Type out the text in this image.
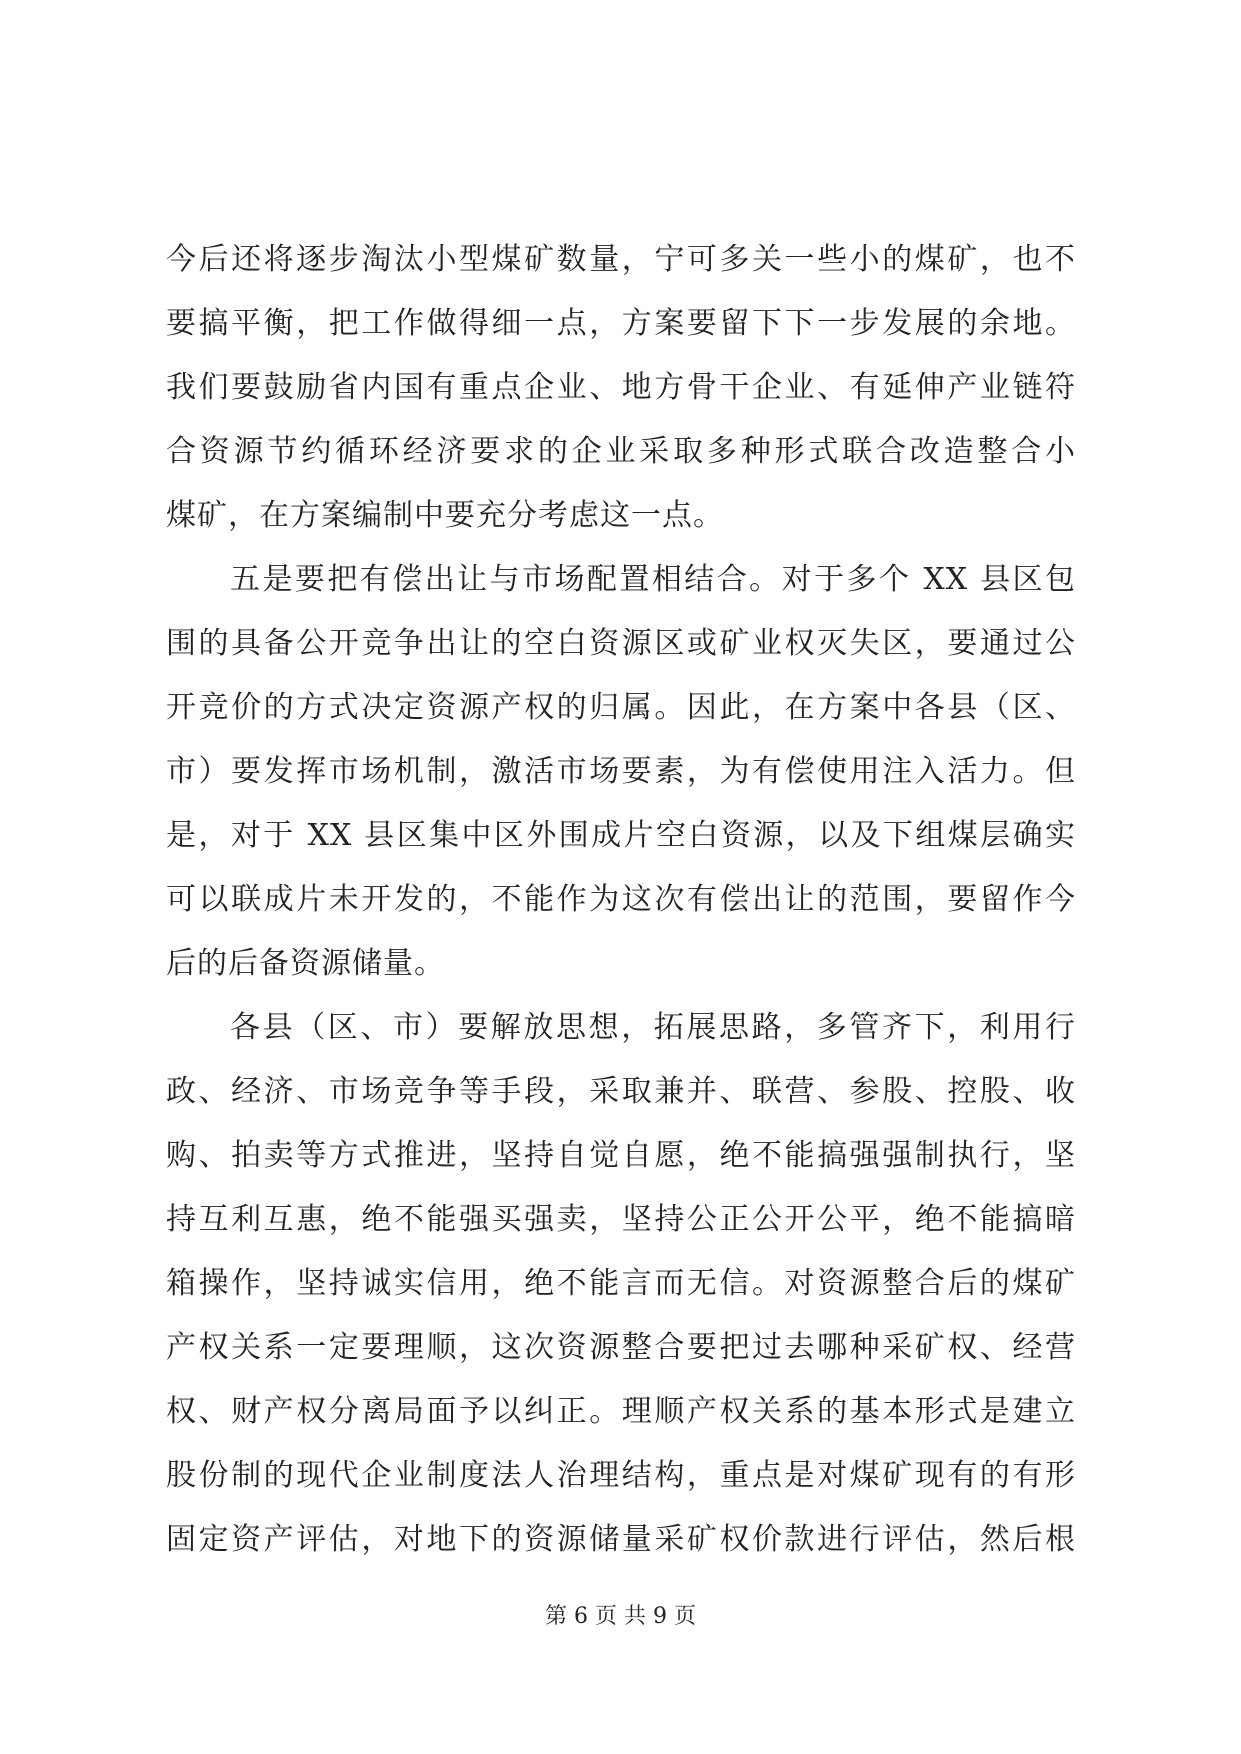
今后还将逐步淘汰小型煤矿数量，宁可多关一些小的煤矿，也不
要搞平衡，把工作做得细一点，方案要留下下一步发展的余地。
我们要鼓励省内国有重点企业、地方骨干企业、有延伸产业链符
合资源节约循环经济要求的企业采取多种形式联合改造整合小
煤矿，在方案编制中要充分考虑这一点。
五是要把有偿出让与市场配置相结合。对于多个 XX 县区包
围的具备公开竞争出让的空白资源区或矿业权灭失区，要通过公
开竞价的方式决定资源产权的归属。因此，在方案中各县（区、
市）要发挥市场机制，激活市场要素，为有偿使用注入活力。但
是，对于 XX 县区集中区外围成片空白资源，以及下组煤层确实
可以联成片未开发的，不能作为这次有偿出让的范围，要留作今
后的后备资源储量。
各县（区、市）要解放思想，拓展思路，多管齐下，利用行
政、经济、市场竞争等手段，采取兼并、联营、参股、控股、收
购、拍卖等方式推进，坚持自觉自愿，绝不能搞强强制执行，坚
持互利互惠，绝不能强买强卖，坚持公正公开公平，绝不能搞暗
箱操作，坚持诚实信用，绝不能言而无信。对资源整合后的煤矿
产权关系一定要理顺，这次资源整合要把过去哪种采矿权、经营
权、财产权分离局面予以纠正。理顺产权关系的基本形式是建立
股份制的现代企业制度法人治理结构，重点是对煤矿现有的有形
固定资产评估，对地下的资源储量采矿权价款进行评估，然后根
第 6 页 共 9 页
